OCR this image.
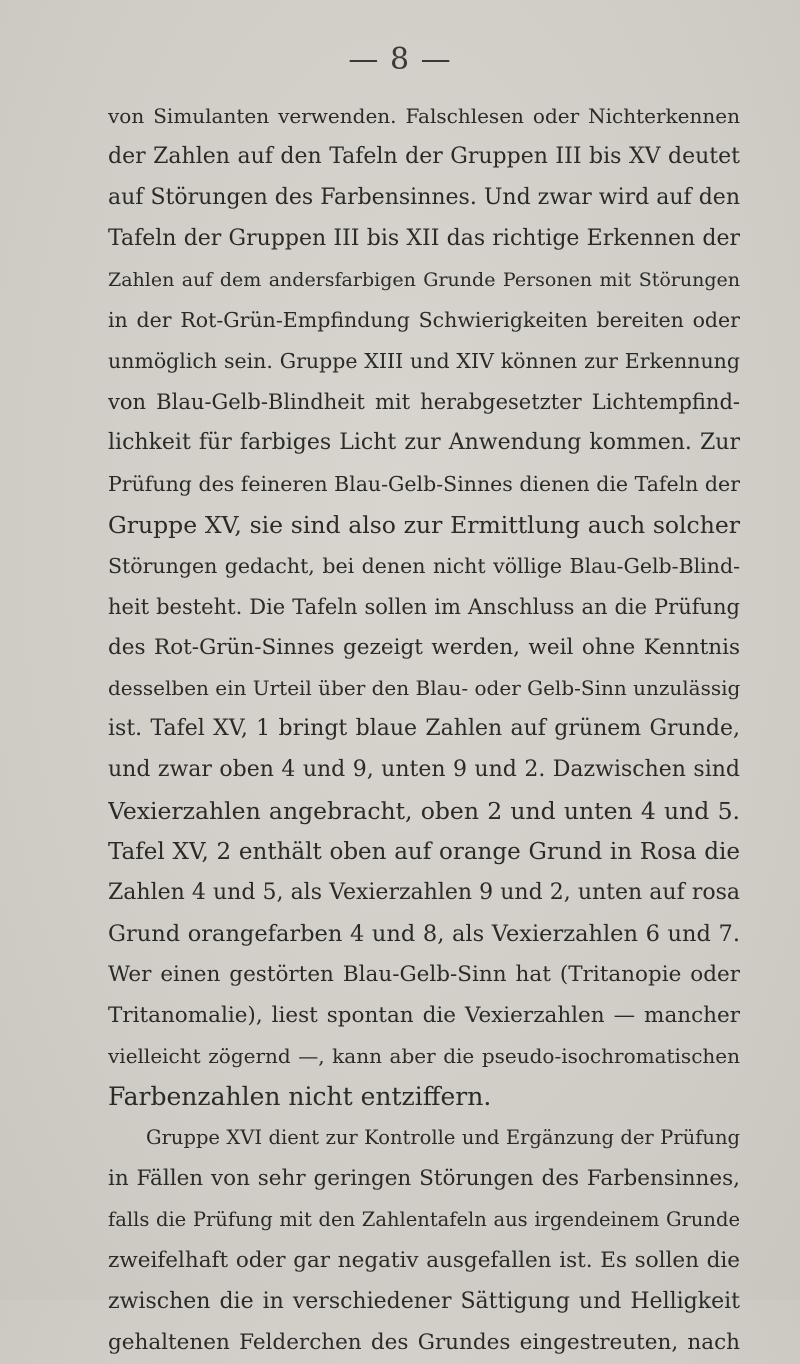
— 8 —
von Simulanten verwenden. Falschlesen oder Nichterkennen
der Zahlen auf den Tafeln der Gruppen III bis XV deutet
auf Störungen des Farbensinnes. Und zwar wird auf den
Tafeln der Gruppen III bis XII das richtige Erkennen der
Zahlen auf dem andersfarbigen Grunde Personen mit Störungen
in der Rot-Grün-Empfindung Schwierigkeiten bereiten oder
unmöglich sein. Gruppe XIII und XIV können zur Erkennung
von Blau-Gelb-Blindheit mit herabgesetzter Lichtempfind-
lichkeit für farbiges Licht zur Anwendung kommen. Zur
Prüfung des feineren Blau-Gelb-Sinnes dienen die Tafeln der
Gruppe XV, sie sind also zur Ermittlung auch solcher
Störungen gedacht, bei denen nicht völlige Blau-Gelb-Blind-
heit besteht. Die Tafeln sollen im Anschluss an die Prüfung
des Rot-Grün-Sinnes gezeigt werden, weil ohne Kenntnis
desselben ein Urteil über den Blau- oder Gelb-Sinn unzulässig
ist. Tafel XV, 1 bringt blaue Zahlen auf grünem Grunde,
und zwar oben 4 und 9, unten 9 und 2. Dazwischen sind
Vexierzahlen angebracht, oben 2 und unten 4 und 5.
Tafel XV, 2 enthält oben auf orange Grund in Rosa die
Zahlen 4 und 5, als Vexierzahlen 9 und 2, unten auf rosa
Grund orangefarben 4 und 8, als Vexierzahlen 6 und 7.
Wer einen gestörten Blau-Gelb-Sinn hat (Tritanopie oder
Tritanomalie), liest spontan die Vexierzahlen — mancher
vielleicht zögernd —, kann aber die pseudo-isochromatischen
Farbenzahlen nicht entziffern.
Gruppe XVI dient zur Kontrolle und Ergänzung der Prüfung
in Fällen von sehr geringen Störungen des Farbensinnes,
falls die Prüfung mit den Zahlentafeln aus irgendeinem Grunde
zweifelhaft oder gar negativ ausgefallen ist. Es sollen die
zwischen die in verschiedener Sättigung und Helligkeit
gehaltenen Felderchen des Grundes eingestreuten, nach
